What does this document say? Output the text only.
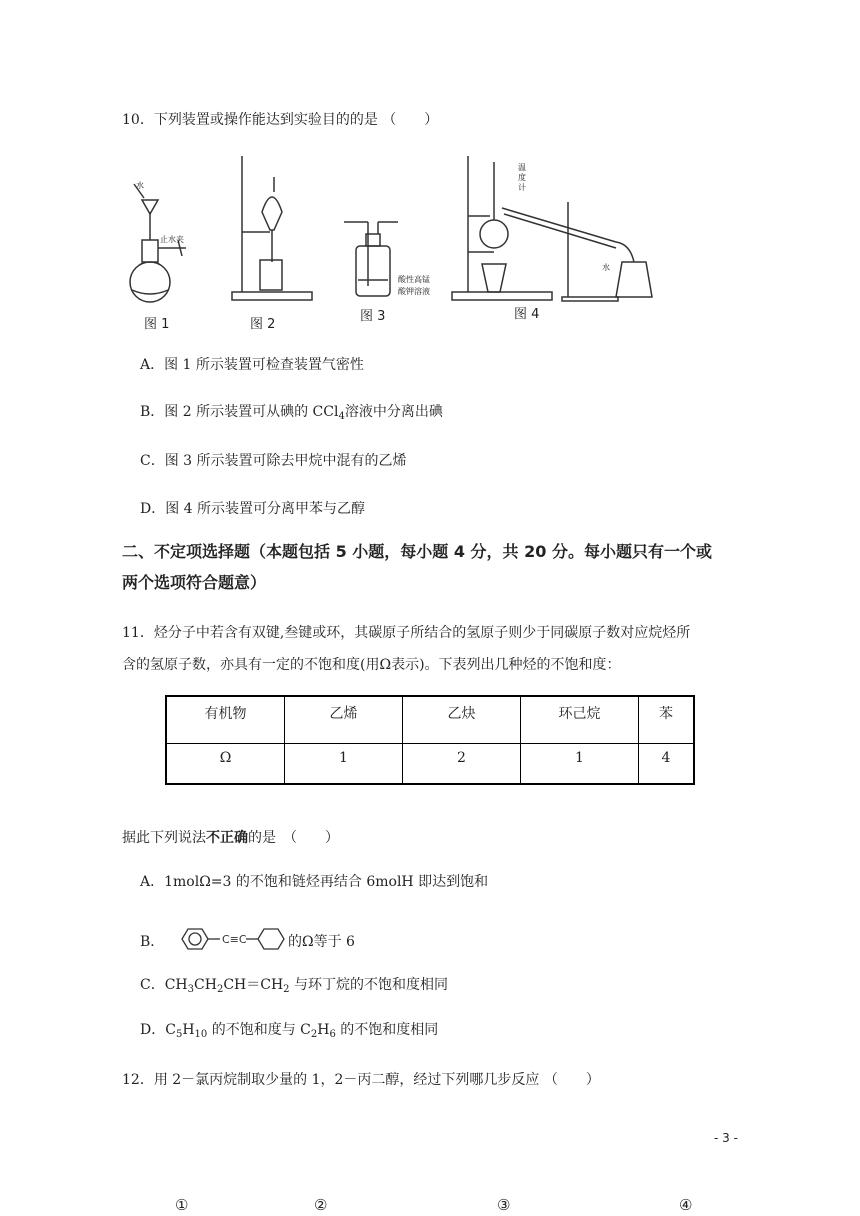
10．下列装置或操作能达到实验目的的是 （　　）
图 1	图 2
图 3	图 4
水
止水夹
酸性高锰
酸钾溶液
温
度
计
水
A．图 1 所示装置可检查装置气密性
B．图 2 所示装置可从碘的 CCl$_4$溶液中分离出碘
C．图 3 所示装置可除去甲烷中混有的乙烯
D．图 4 所示装置可分离甲苯与乙醇
二、不定项选择题（本题包括 5 小题，每小题 4 分，共 20 分。每小题只有一个或
两个选项符合题意）
11．烃分子中若含有双键,叁键或环，其碳原子所结合的氢原子则少于同碳原子数对应烷烃所
含的氢原子数，亦具有一定的不饱和度(用Ω表示)。下表列出几种烃的不饱和度：
有机物	乙烯	乙炔	环己烷	苯
Ω	1	2	1	4
据此下列说法不正确的是　（　　）
A．1molΩ=3 的不饱和链烃再结合 6molH 即达到饱和
B．	C≡C	的Ω等于 6
C．$CH_3CH_2CH=CH_2$ 与环丁烷的不饱和度相同
D．$C_5H_{10}$ 的不饱和度与 $C_2H_6$ 的不饱和度相同
12．用 2－氯丙烷制取少量的 1，2－丙二醇，经过下列哪几步反应 （　　）
- 3 -
①	②	③	④
